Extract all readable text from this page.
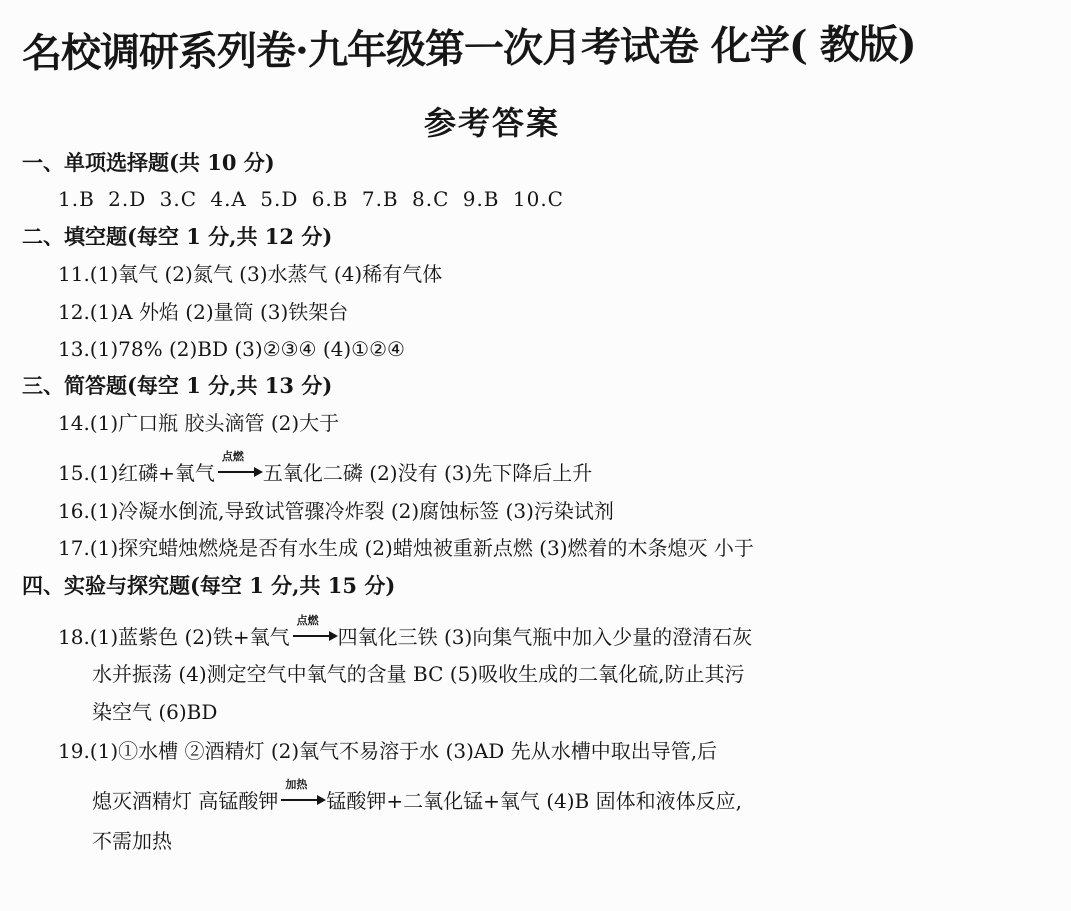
名校调研系列卷·九年级第一次月考试卷 化学( 教版)
参考答案
一、单项选择题(共 10 分)
1.B 2.D 3.C 4.A 5.D 6.B 7.B 8.C 9.B 10.C
二、填空题(每空 1 分,共 12 分)
11.(1)氧气 (2)氮气 (3)水蒸气 (4)稀有气体
12.(1)A 外焰 (2)量筒 (3)铁架台
13.(1)78% (2)BD (3)②③④ (4)①②④
三、简答题(每空 1 分,共 13 分)
14.(1)广口瓶 胶头滴管 (2)大于
15.(1)红磷+氧气
点燃
五氧化二磷 (2)没有 (3)先下降后上升
16.(1)冷凝水倒流,导致试管骤冷炸裂 (2)腐蚀标签 (3)污染试剂
17.(1)探究蜡烛燃烧是否有水生成 (2)蜡烛被重新点燃 (3)燃着的木条熄灭 小于
四、实验与探究题(每空 1 分,共 15 分)
18.(1)蓝紫色 (2)铁+氧气
点燃
四氧化三铁 (3)向集气瓶中加入少量的澄清石灰
水并振荡 (4)测定空气中氧气的含量 BC (5)吸收生成的二氧化硫,防止其污
染空气 (6)BD
19.(1)①水槽 ②酒精灯 (2)氧气不易溶于水 (3)AD 先从水槽中取出导管,后
熄灭酒精灯 高锰酸钾
加热
锰酸钾+二氧化锰+氧气 (4)B 固体和液体反应,
不需加热
